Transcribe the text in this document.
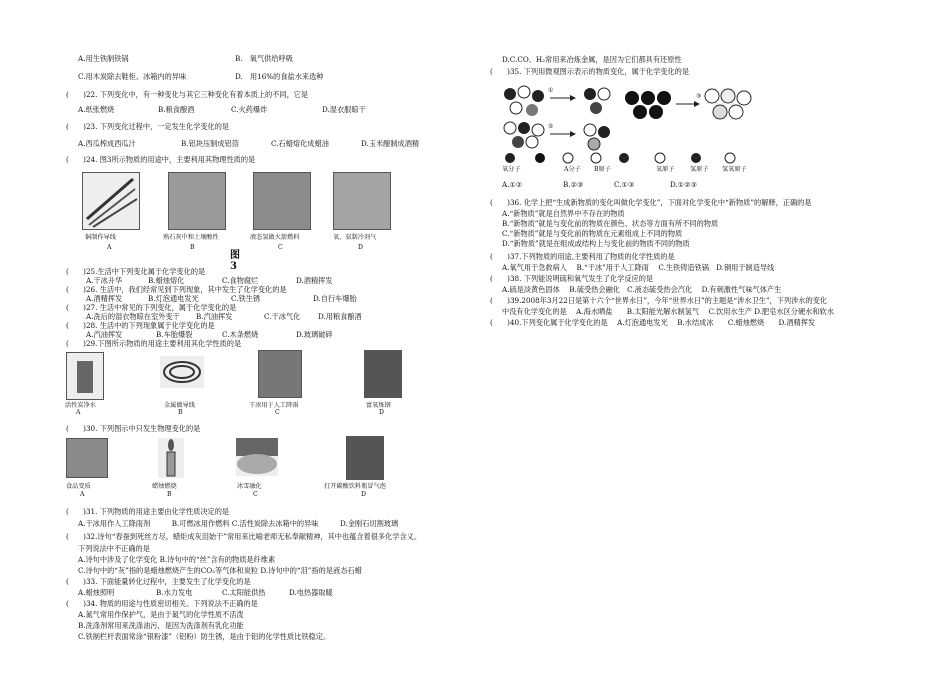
A.用生铁制铁锅	B.　氧气供给呼吸
C.用木炭除去鞋柜、冰箱内的异味	D.　用16%的食盐水来选种
(　　)22. 下列变化中，有一种变化与其它三种变化有着本质上的不同，它是
A.纸张燃烧	B.粮食酿酒	C.火药爆炸	D.湿衣服晾干
(　　)23. 下列变化过程中，一定发生化学变化的是
A.西瓜榨成西瓜汁	B.铝块压制成铝箔	C.石蜡熔化成蜡油	D.玉米酿制成酒精
(　　)24. 图3所示物质的用途中，主要利用其物理性质的是
铜制作导线	熟石灰中和土壤酸性	液态氢做火箭燃料	氧、氨制冷剂气
A	B	C	D
图 3
(　　)25.生活中下列变化属于化学变化的是
A.干冰升华	B.蜡烛熔化	C.食物腐烂	D.酒精挥发
(　　)26. 生活中，我们经常见到下列现象，其中发生了化学变化的是
A.酒精挥发	B.灯泡通电发光	C.铁生锈	D.自行车爆胎
(　　)27. 生活中常见的下列变化，属于化学变化的是
A.洗后的湿衣物晾在室外变干 B.汽油挥发	C.干冰气化 D.用粮食酿酒
(　　)28. 生活中的下列现象属于化学变化的是
A.汽油挥发	B.车胎爆裂	C.木条燃烧	D.玻璃破碎
(　　)29.下图所示物质的用途主要利用其化学性质的是
活性炭净水	金属做导线	干冰用于人工降雨	富氧炼钢
A	B	C	D
(　　)30. 下列图示中只发生物理变化的是
食品变质	蜡烛燃烧	冰雪融化	打开碳酸饮料瓶冒气泡
A	B	C	D
(　　)31. 下列物质的用途主要由化学性质决定的是
A.干冰用作人工降雨剂　　　B.可燃冰用作燃料 C.活性炭除去冰箱中的异味　　　D.金刚石切割玻璃
(　　)32.诗句“春蚕到死丝方尽，蜡炬成灰泪始干”常用来比喻老师无私奉献精神，其中也蕴含着很多化学含义。
下列说法中不正确的是
A.诗句中涉及了化学变化 B.诗句中的“丝”含有的物质是纤维素
C.诗句中的“灰”指的是蜡烛燃烧产生的CO₂等气体和炭粒 D.诗句中的“泪”指的是液态石蜡
(　　)33. 下面能量转化过程中，主要发生了化学变化的是
A.蜡烛照明	B.水力发电	C.太阳能供热	D.电热器取暖
(　　)34. 物质的用途与性质密切相关。下列说法不正确的是
A.氮气常用作保护气，是由于氮气的化学性质不活泼
B.洗涤剂常用来洗涤油污，是因为洗涤剂有乳化功能
C.铁制栏杆表面常涂“银粉漆”（铝粉）防生锈，是由于铝的化学性质比铁稳定。
D.C.CO、H₂常用来冶炼金属，是因为它们都具有还原性
(　　)35. 下列用微观图示表示的物质变化，属于化学变化的是
①
②
③
氧分子	A分子 B原子	氧原子 氢原子 氢氧原子
A.①②	B.②③	C.①③	D.①②③
(　　)36. 化学上把“生成新物质的变化叫做化学变化”，下面对化学变化中“新物质”的解释，正确的是
A.“新物质”就是自然界中不存在的物质
B.“新物质”就是与变化前的物质在颜色、状态等方面有所不同的物质
C.“新物质”就是与变化前的物质在元素组成上不同的物质
D.“新物质”就是在组成或结构上与变化前的物质不同的物质
(　　)37.下列物质的用途,主要利用了物质的化学性质的是
A.氧气用于急救病人　 B.“干冰”用于人工降雨　 C.生铁铸造铁锅　D.铜用于制造导线
(　　)38. 下列能说明硫和氧气发生了化学反应的是
A.硫是淡黄色固体　 B.硫受热会融化　C.液态硫受热会汽化　 D.有刺激性气味气体产生
(　　)39.2008年3月22日是第十六个“世界水日”，今年“世界水日”的主题是“涉水卫生”，下列涉水的变化
中没有化学变化的是　 A.海水晒盐　　B.太阳能光解水制氢气　 C.饮用水生产 D.肥皂水区分硬水和软水
(　　)40.下列变化属于化学变化的是　 A.灯泡通电发光　 B.水结成冰　　C.蜡烛燃烧　　D.酒精挥发
